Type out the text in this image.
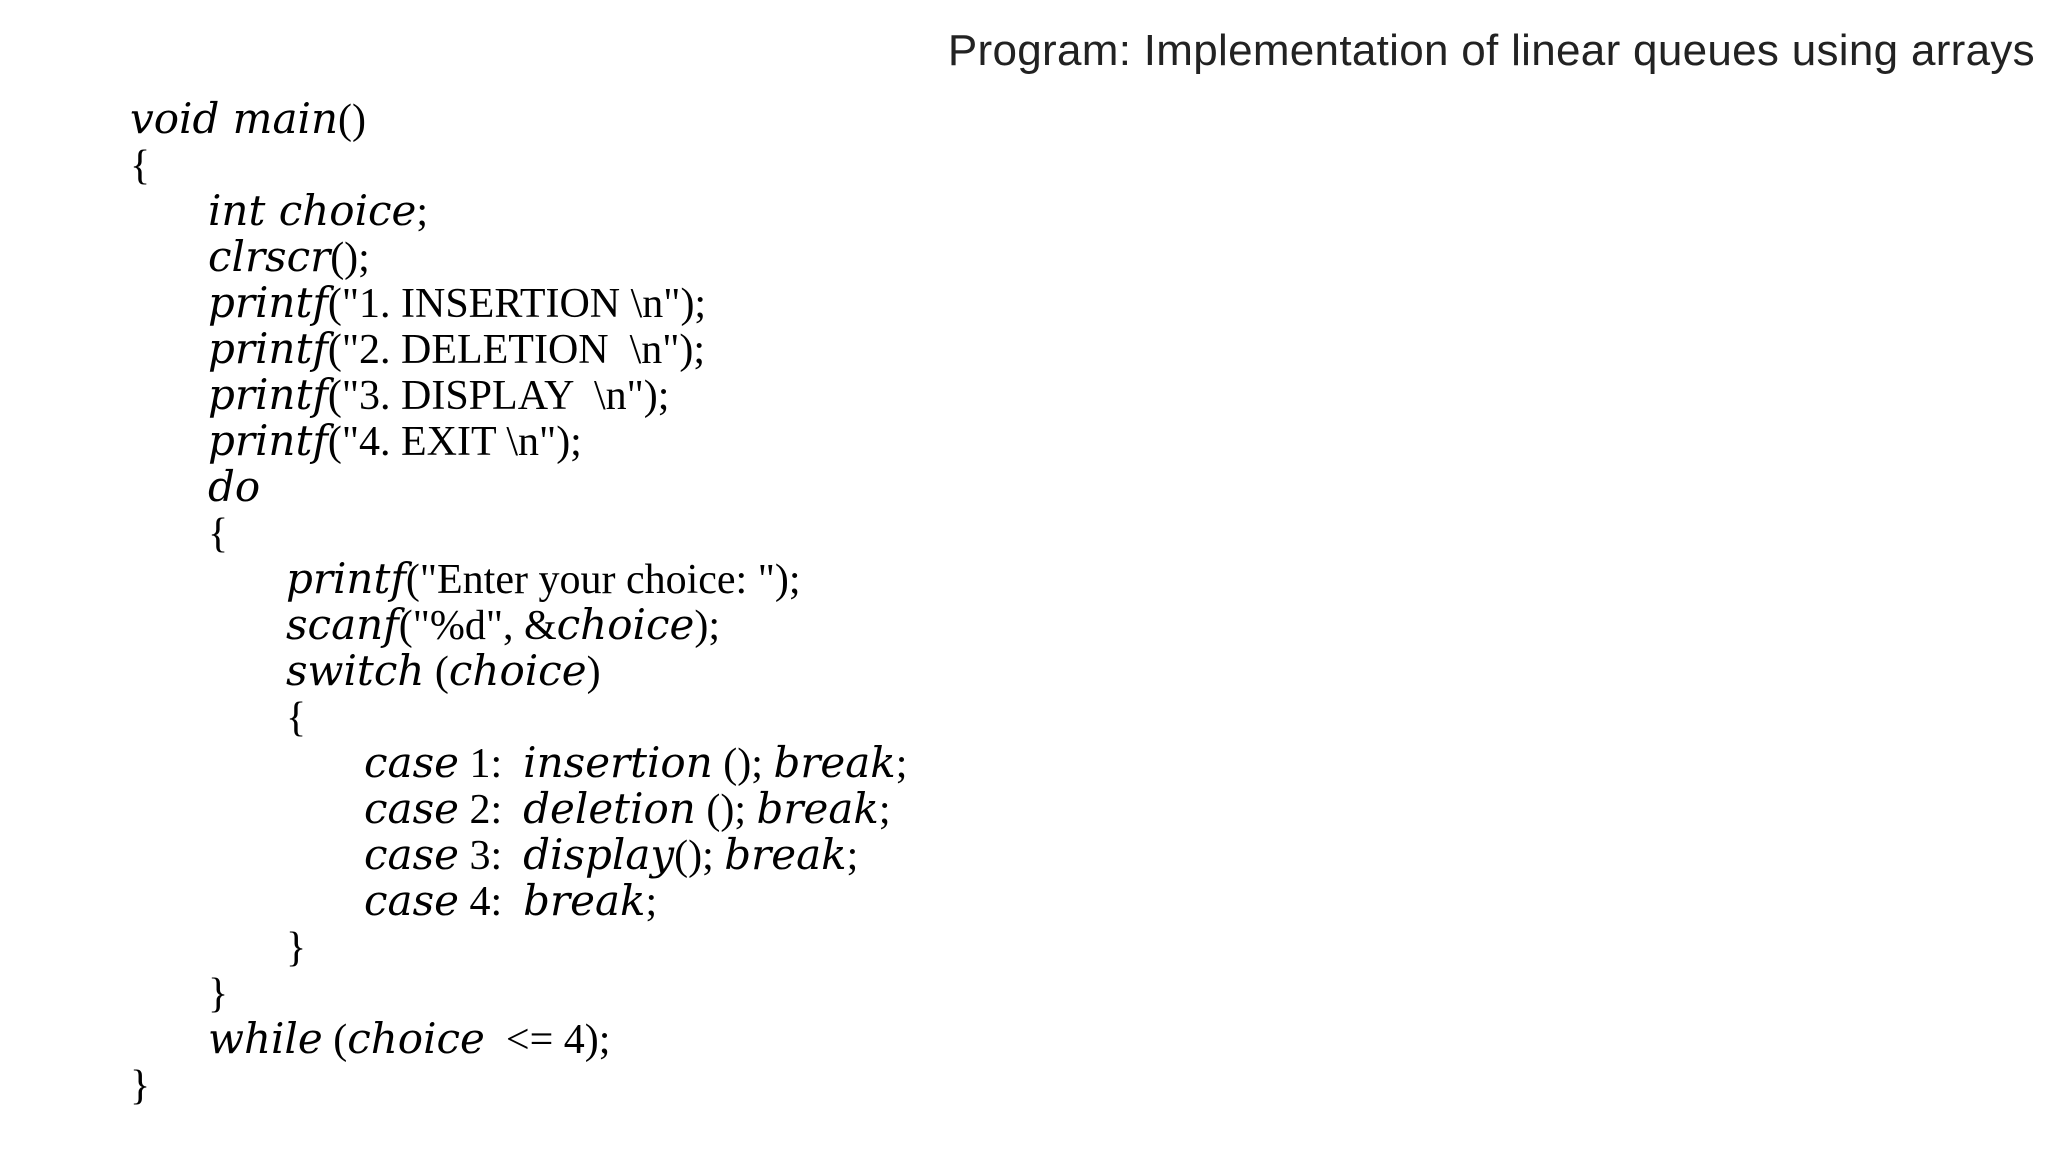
Program: Implementation of linear queues using arrays
void main()
{
int choice;
clrscr();
printf("1. INSERTION \n");
printf("2. DELETION  \n");
printf("3. DISPLAY  \n");
printf("4. EXIT \n");
do
{
printf("Enter your choice: ");
scanf("%d", &choice);
switch (choice)
{
case 1:  insertion (); break;
case 2:  deletion (); break;
case 3:  display(); break;
case 4:  break;
}
}
while (choice  <= 4);
}
